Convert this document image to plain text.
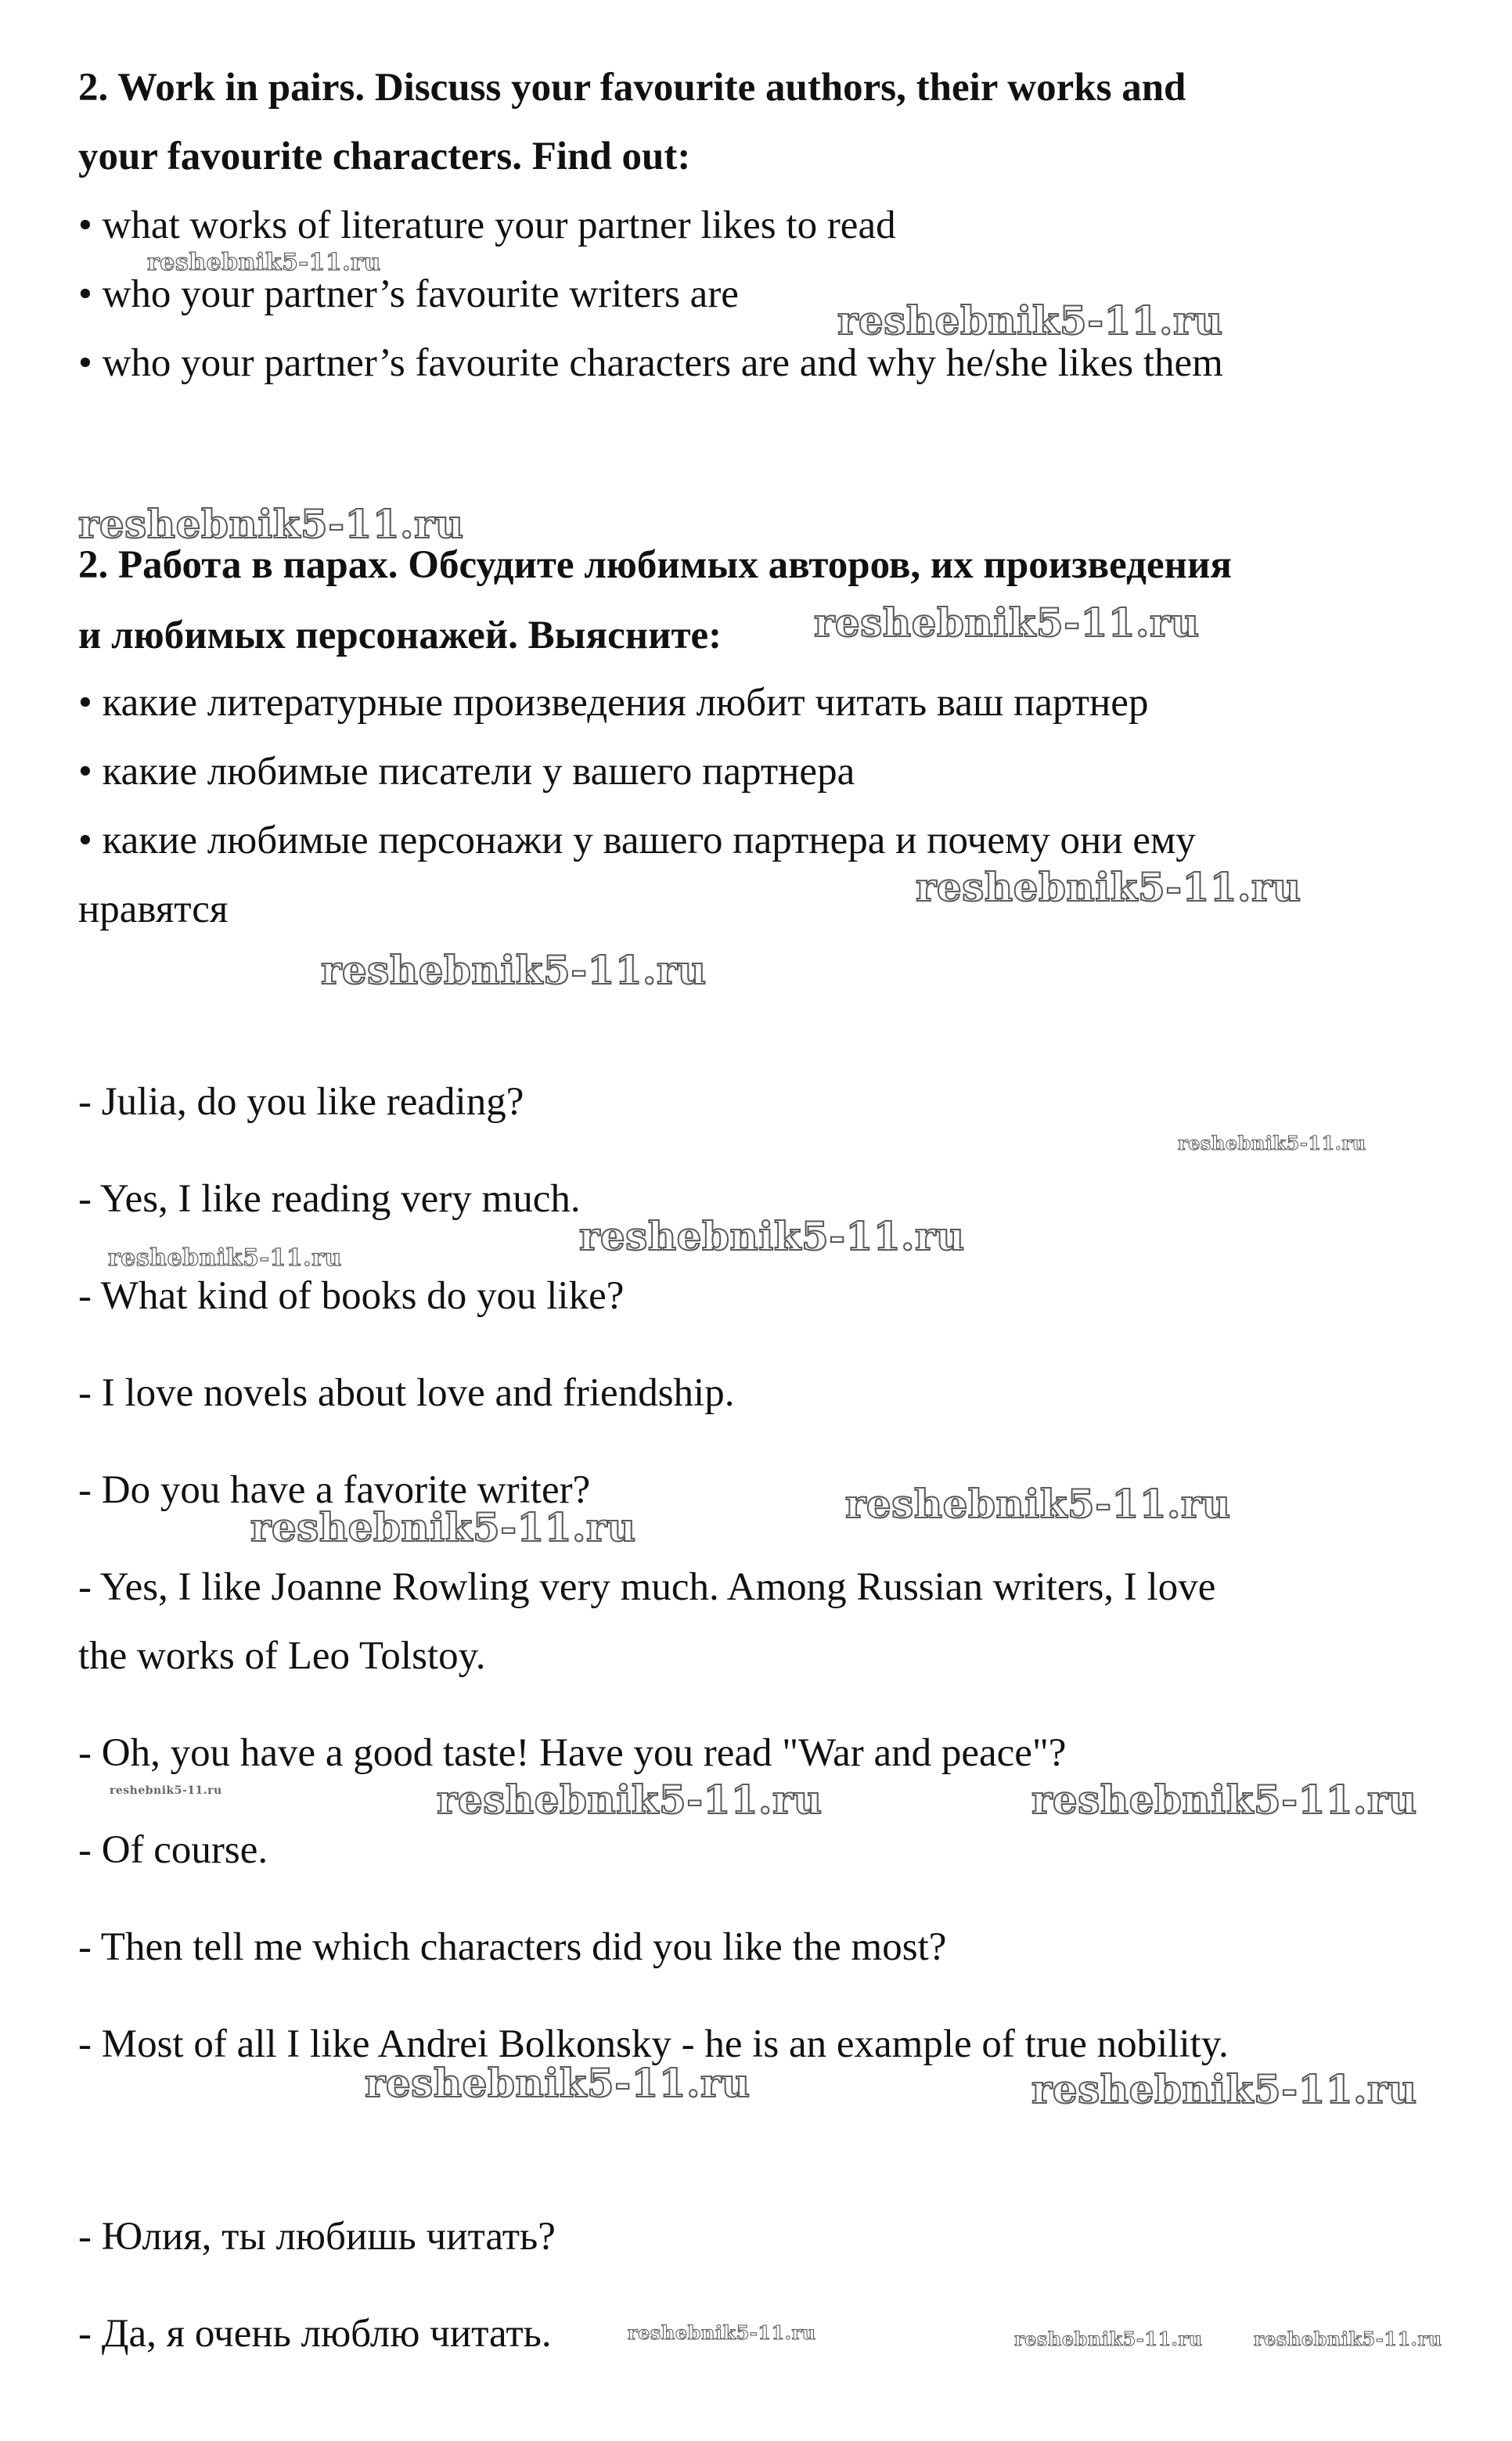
2. Work in pairs. Discuss your favourite authors, their works and
your favourite characters. Find out:
• what works of literature your partner likes to read
• who your partner’s favourite writers are
• who your partner’s favourite characters are and why he/she likes them
2. Работа в парах. Обсудите любимых авторов, их произведения
и любимых персонажей. Выясните:
• какие литературные произведения любит читать ваш партнер
• какие любимые писатели у вашего партнера
• какие любимые персонажи у вашего партнера и почему они ему
нравятся
- Julia, do you like reading?
- Yes, I like reading very much.
- What kind of books do you like?
- I love novels about love and friendship.
- Do you have a favorite writer?
- Yes, I like Joanne Rowling very much. Among Russian writers, I love
the works of Leo Tolstoy.
- Oh, you have a good taste! Have you read "War and peace"?
- Of course.
- Then tell me which characters did you like the most?
- Most of all I like Andrei Bolkonsky - he is an example of true nobility.
- Юлия, ты любишь читать?
- Да, я очень люблю читать.
reshebnik5-11.ru
reshebnik5-11.ru
reshebnik5-11.ru
reshebnik5-11.ru
reshebnik5-11.ru
reshebnik5-11.ru
reshebnik5-11.ru
reshebnik5-11.ru
reshebnik5-11.ru
reshebnik5-11.ru
reshebnik5-11.ru
reshebnik5-11.ru	reshebnik5-11.ru	reshebnik5-11.ru
reshebnik5-11.ru	reshebnik5-11.ru
reshebnik5-11.ru	reshebnik5-11.ru	reshebnik5-11.ru
